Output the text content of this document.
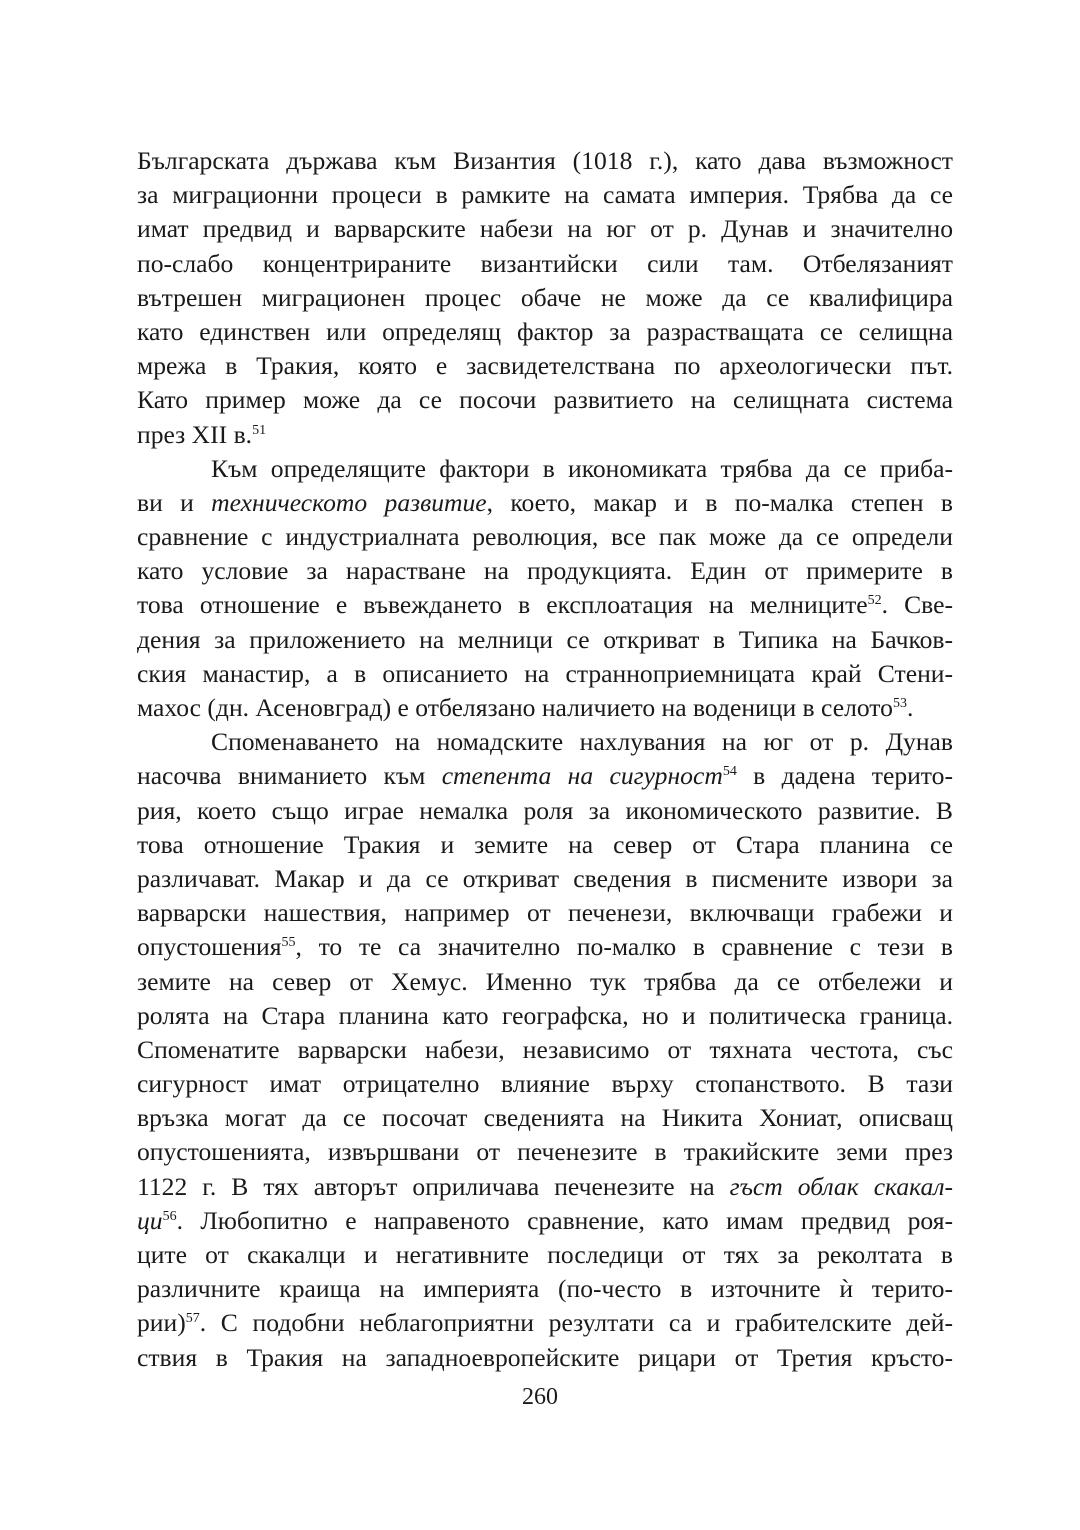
Българската държава към Византия (1018 г.), като дава възможност
за миграционни процеси в рамките на самата империя. Трябва да се
имат предвид и варварските набези на юг от р. Дунав и значително
по-слабо концентрираните византийски сили там. Отбелязаният
вътрешен миграционен процес обаче не може да се квалифицира
като единствен или определящ фактор за разрастващата се селищна
мрежа в Тракия, която е засвидетелствана по археологически път.
Като пример може да се посочи развитието на селищната система
през XII в.$^{51}$
Към определящите фактори в икономиката трябва да се приба-
ви и техническото развитие, което, макар и в по-малка степен в
сравнение с индустриалната революция, все пак може да се определи
като условие за нарастване на продукцията. Един от примерите в
това отношение е въвеждането в експлоатация на мелниците$^{52}$. Све-
дения за приложението на мелници се откриват в Типика на Бачков-
ския манастир, а в описанието на страннoприемницата край Стени-
махос (дн. Асеновград) е отбелязано наличието на воденици в селото$^{53}$.
Споменаването на номадските нахлувания на юг от р. Дунав
насочва вниманието към степента на сигурност$^{54}$ в дадена терито-
рия, което също играе немалка роля за икономическото развитие. В
това отношение Тракия и земите на север от Стара планина се
различават. Макар и да се откриват сведения в писмените извори за
варварски нашествия, например от печенези, включващи грабежи и
опустошения$^{55}$, то те са значително по-малко в сравнение с тези в
земите на север от Хемус. Именно тук трябва да се отбележи и
ролята на Стара планина като географска, но и политическа граница.
Споменатите варварски набези, независимо от тяхната честота, със
сигурност имат отрицателно влияние върху стопанството. В тази
връзка могат да се посочат сведенията на Никита Хониат, описващ
опустошенията, извършвани от печенезите в тракийските земи през
1122 г. В тях авторът оприличава печенезите на гъст облак скакал-
$ци^{56}$. Любопитно е направеното сравнение, като имам предвид роя-
ците от скакалци и негативните последици от тях за реколтата в
различните краища на империята (по-често в източните ѝ терито-
рии)$^{57}$. С подобни неблагоприятни резултати са и грабителските дей-
ствия в Тракия на западноевропейските рицари от Третия кръсто-
260
